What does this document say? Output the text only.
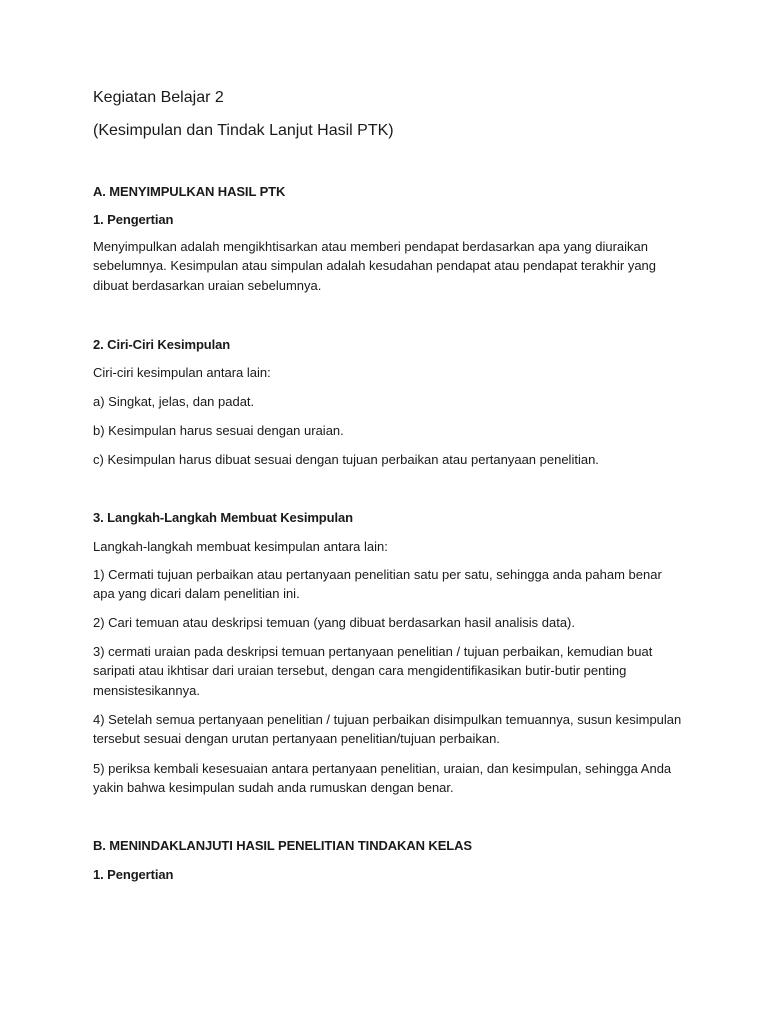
Kegiatan Belajar 2
(Kesimpulan dan Tindak Lanjut Hasil PTK)

A. MENYIMPULKAN HASIL PTK

1. Pengertian

Menyimpulkan adalah mengikhtisarkan atau memberi pendapat berdasarkan apa yang diuraikan sebelumnya. Kesimpulan atau simpulan adalah kesudahan pendapat atau pendapat terakhir yang dibuat berdasarkan uraian sebelumnya.

2. Ciri-Ciri Kesimpulan

Ciri-ciri kesimpulan antara lain:

a) Singkat, jelas, dan padat.

b) Kesimpulan harus sesuai dengan uraian.

c) Kesimpulan harus dibuat sesuai dengan tujuan perbaikan atau pertanyaan penelitian.

3. Langkah-Langkah Membuat Kesimpulan

Langkah-langkah membuat kesimpulan antara lain:

1) Cermati tujuan perbaikan atau pertanyaan penelitian satu per satu, sehingga anda paham benar apa yang dicari dalam penelitian ini.

2) Cari temuan atau deskripsi temuan (yang dibuat berdasarkan hasil analisis data).

3) cermati uraian pada deskripsi temuan pertanyaan penelitian / tujuan perbaikan, kemudian buat saripati atau ikhtisar dari uraian tersebut, dengan cara mengidentifikasikan butir-butir penting mensistesikannya.

4) Setelah semua pertanyaan penelitian / tujuan perbaikan disimpulkan temuannya, susun kesimpulan tersebut sesuai dengan urutan pertanyaan penelitian/tujuan perbaikan.

5) periksa kembali kesesuaian antara pertanyaan penelitian, uraian, dan kesimpulan, sehingga Anda yakin bahwa kesimpulan sudah anda rumuskan dengan benar.

B. MENINDAKLANJUTI HASIL PENELITIAN TINDAKAN KELAS

1. Pengertian
